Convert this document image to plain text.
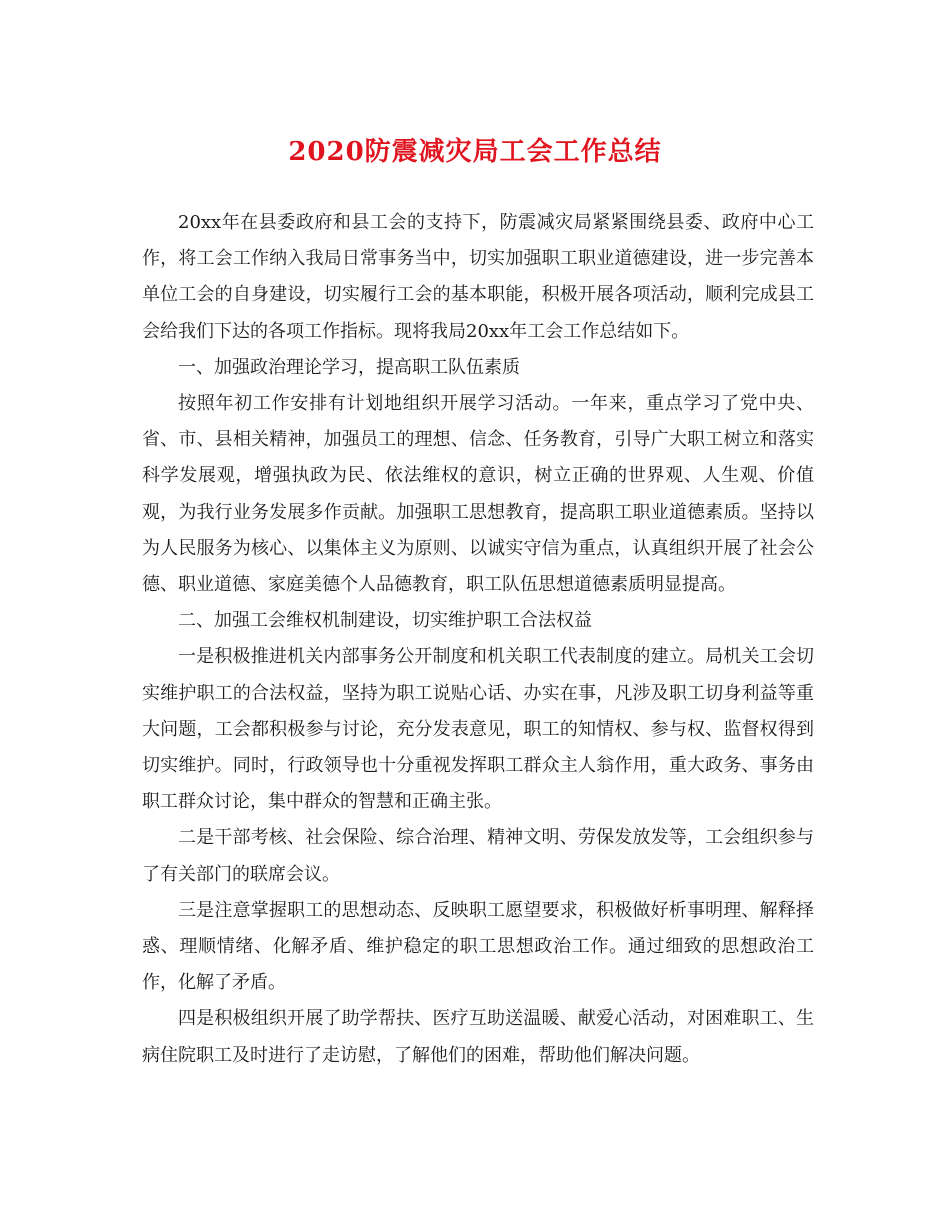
2020防震减灾局工会工作总结

20xx年在县委政府和县工会的支持下，防震减灾局紧紧围绕县委、政府中心工作，将工会工作纳入我局日常事务当中，切实加强职工职业道德建设，进一步完善本单位工会的自身建设，切实履行工会的基本职能，积极开展各项活动，顺利完成县工会给我们下达的各项工作指标。现将我局20xx年工会工作总结如下。

一、加强政治理论学习，提高职工队伍素质

按照年初工作安排有计划地组织开展学习活动。一年来，重点学习了党中央、省、市、县相关精神，加强员工的理想、信念、任务教育，引导广大职工树立和落实科学发展观，增强执政为民、依法维权的意识，树立正确的世界观、人生观、价值观，为我行业务发展多作贡献。加强职工思想教育，提高职工职业道德素质。坚持以为人民服务为核心、以集体主义为原则、以诚实守信为重点，认真组织开展了社会公德、职业道德、家庭美德个人品德教育，职工队伍思想道德素质明显提高。

二、加强工会维权机制建设，切实维护职工合法权益

一是积极推进机关内部事务公开制度和机关职工代表制度的建立。局机关工会切实维护职工的合法权益，坚持为职工说贴心话、办实在事，凡涉及职工切身利益等重大问题，工会都积极参与讨论，充分发表意见，职工的知情权、参与权、监督权得到切实维护。同时，行政领导也十分重视发挥职工群众主人翁作用，重大政务、事务由职工群众讨论，集中群众的智慧和正确主张。

二是干部考核、社会保险、综合治理、精神文明、劳保发放发等，工会组织参与了有关部门的联席会议。

三是注意掌握职工的思想动态、反映职工愿望要求，积极做好析事明理、解释择惑、理顺情绪、化解矛盾、维护稳定的职工思想政治工作。通过细致的思想政治工作，化解了矛盾。

四是积极组织开展了助学帮扶、医疗互助送温暖、献爱心活动，对困难职工、生病住院职工及时进行了走访慰，了解他们的困难，帮助他们解决问题。
